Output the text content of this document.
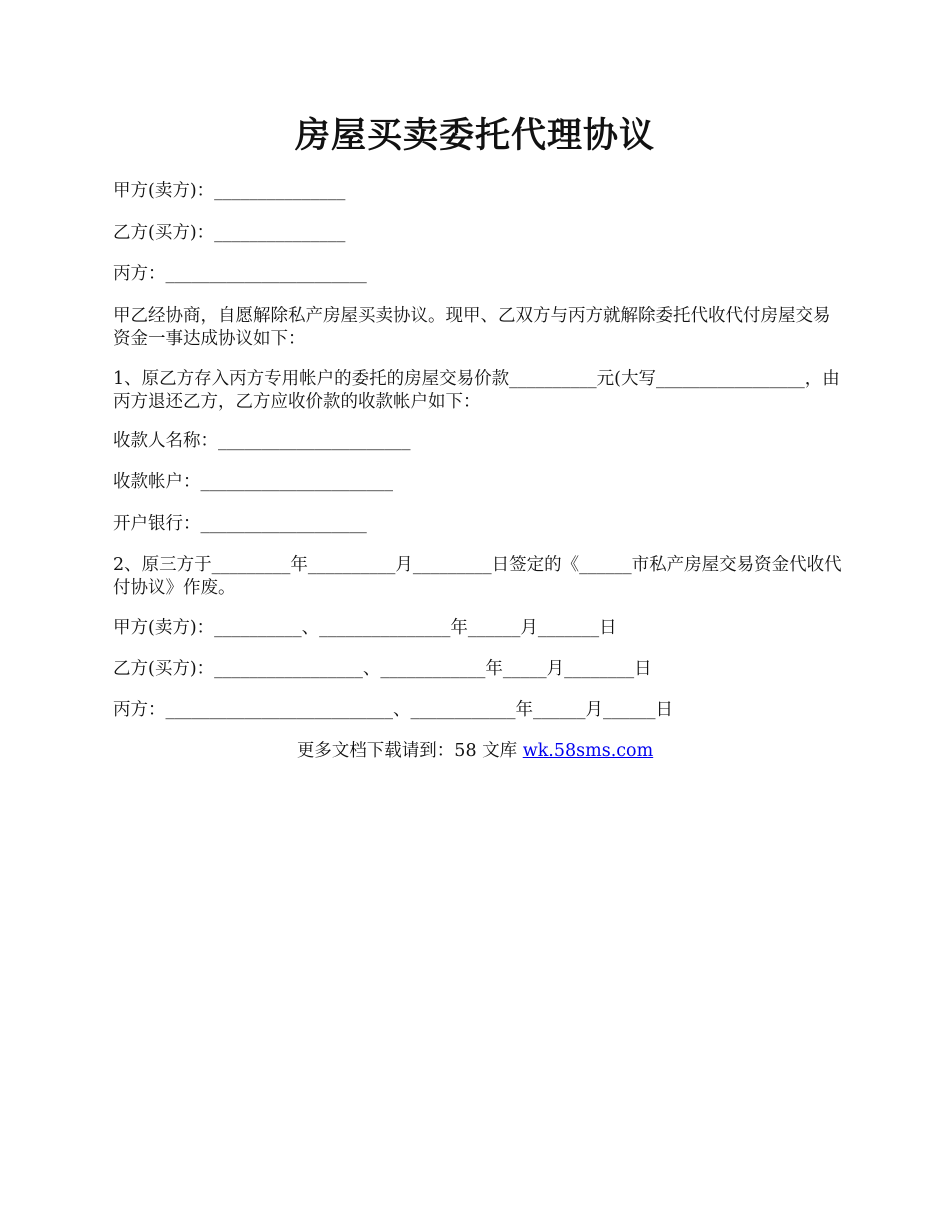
房屋买卖委托代理协议

甲方(卖方)：_______________

乙方(买方)：_______________

丙方：_______________________

甲乙经协商，自愿解除私产房屋买卖协议。现甲、乙双方与丙方就解除委托代收代付房屋交易资金一事达成协议如下：

1、原乙方存入丙方专用帐户的委托的房屋交易价款__________元(大写_________________，由丙方退还乙方，乙方应收价款的收款帐户如下：

收款人名称：______________________

收款帐户：______________________

开户银行：___________________

2、原三方于_________年__________月_________日签定的《______市私产房屋交易资金代收代付协议》作废。

甲方(卖方)：__________、_______________年______月_______日

乙方(买方)：_________________、____________年_____月________日

丙方：__________________________、____________年______月______日

更多文档下载请到：58 文库 wk.58sms.com
